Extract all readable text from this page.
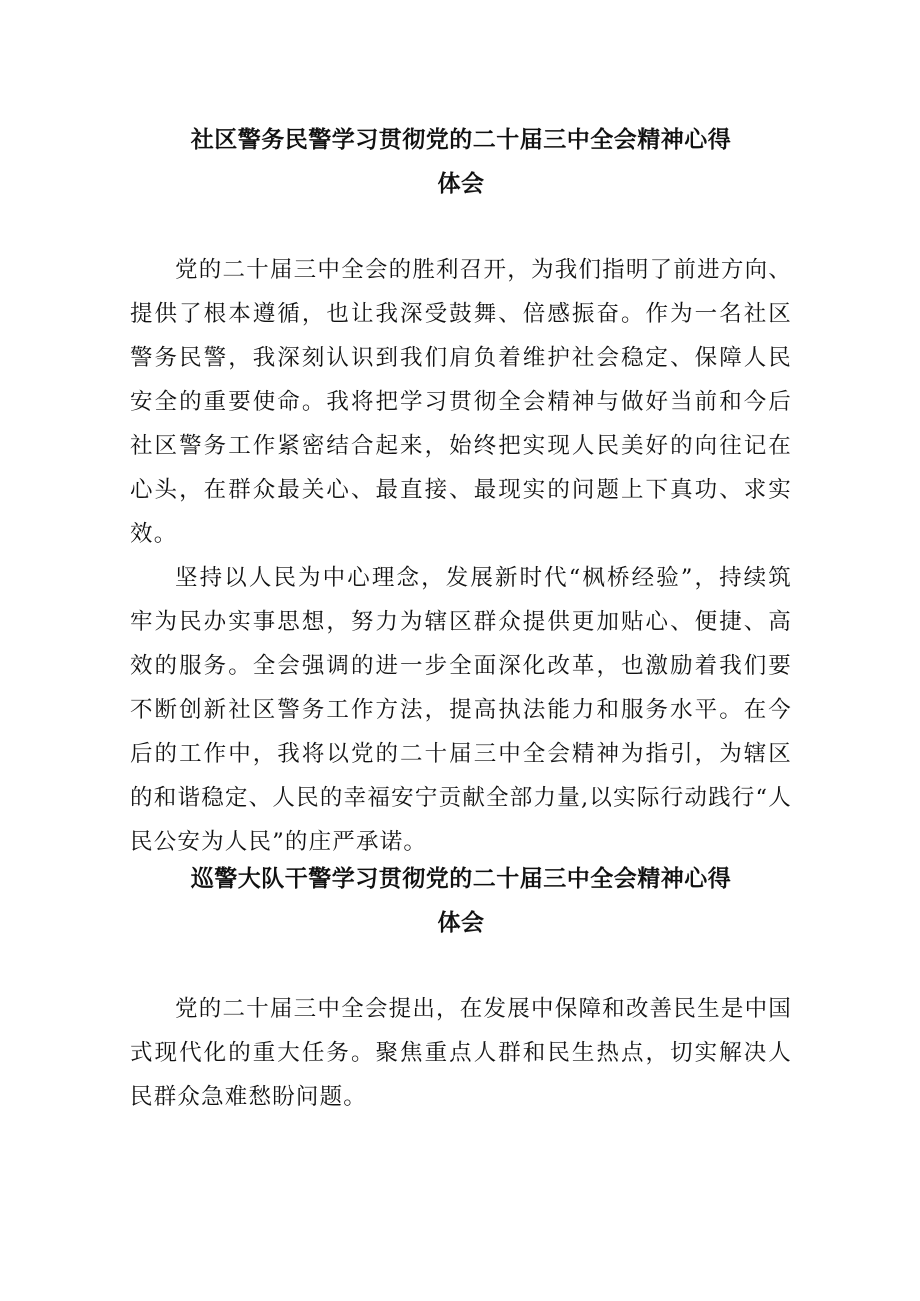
社区警务民警学习贯彻党的二十届三中全会精神心得
体会

党的二十届三中全会的胜利召开，为我们指明了前进方向、提供了根本遵循，也让我深受鼓舞、倍感振奋。作为一名社区警务民警，我深刻认识到我们肩负着维护社会稳定、保障人民安全的重要使命。我将把学习贯彻全会精神与做好当前和今后社区警务工作紧密结合起来，始终把实现人民美好的向往记在心头，在群众最关心、最直接、最现实的问题上下真功、求实效。

坚持以人民为中心理念，发展新时代“枫桥经验”，持续筑牢为民办实事思想，努力为辖区群众提供更加贴心、便捷、高效的服务。全会强调的进一步全面深化改革，也激励着我们要不断创新社区警务工作方法，提高执法能力和服务水平。在今后的工作中，我将以党的二十届三中全会精神为指引，为辖区的和谐稳定、人民的幸福安宁贡献全部力量,以实际行动践行“人民公安为人民”的庄严承诺。

巡警大队干警学习贯彻党的二十届三中全会精神心得
体会

党的二十届三中全会提出，在发展中保障和改善民生是中国式现代化的重大任务。聚焦重点人群和民生热点，切实解决人民群众急难愁盼问题。
